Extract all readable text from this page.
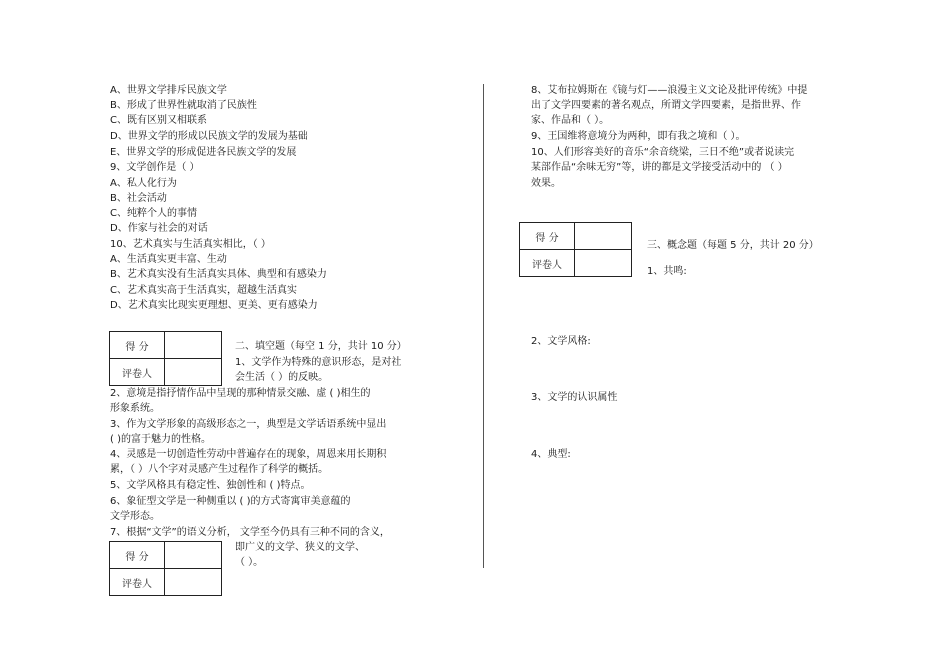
A、世界文学排斥民族文学
B、形成了世界性就取消了民族性
C、既有区别又相联系
D、世界文学的形成以民族文学的发展为基础
E、世界文学的形成促进各民族文学的发展
9、文学创作是（ ）
A、私人化行为
B、社会活动
C、纯粹个人的事情
D、作家与社会的对话
10、艺术真实与生活真实相比，（ ）
A、生活真实更丰富、生动
B、艺术真实没有生活真实具体、典型和有感染力
C、艺术真实高于生活真实，超越生活真实
D、艺术真实比现实更理想、更美、更有感染力
得 分	
评卷人	
二、填空题（每空 1 分，共计 10 分）
1、文学作为特殊的意识形态，是对社
会生活（ ）的反映。
2、意境是指抒情作品中呈现的那种情景交融、虚 ( )相生的
形象系统。
3、作为文学形象的高级形态之一，典型是文学话语系统中显出
( )的富于魅力的性格。
4、灵感是一切创造性劳动中普遍存在的现象，周恩来用长期积
累，（ ）八个字对灵感产生过程作了科学的概括。
5、文学风格具有稳定性、独创性和 ( )特点。
6、象征型文学是一种侧重以 ( )的方式寄寓审美意蕴的
文学形态。
7、根据“文学”的语义分析， 文学至今仍具有三种不同的含义，
得 分	
评卷人	
即广义的文学、狭义的文学、
（ ）。
8、艾布拉姆斯在《镜与灯——浪漫主义文论及批评传统》中提
出了文学四要素的著名观点，所谓文学四要素，是指世界、作
家、作品和（ ）。
9、王国维将意境分为两种，即有我之境和（ ）。
10、人们形容美好的音乐“余音绕梁，三日不绝”或者说读完
某部作品“余味无穷”等，讲的都是文学接受活动中的 （ ）
效果。
得 分	
评卷人	
三、概念题（每题 5 分，共计 20 分）
1、共鸣:
2、文学风格:
3、文学的认识属性
4、典型:
